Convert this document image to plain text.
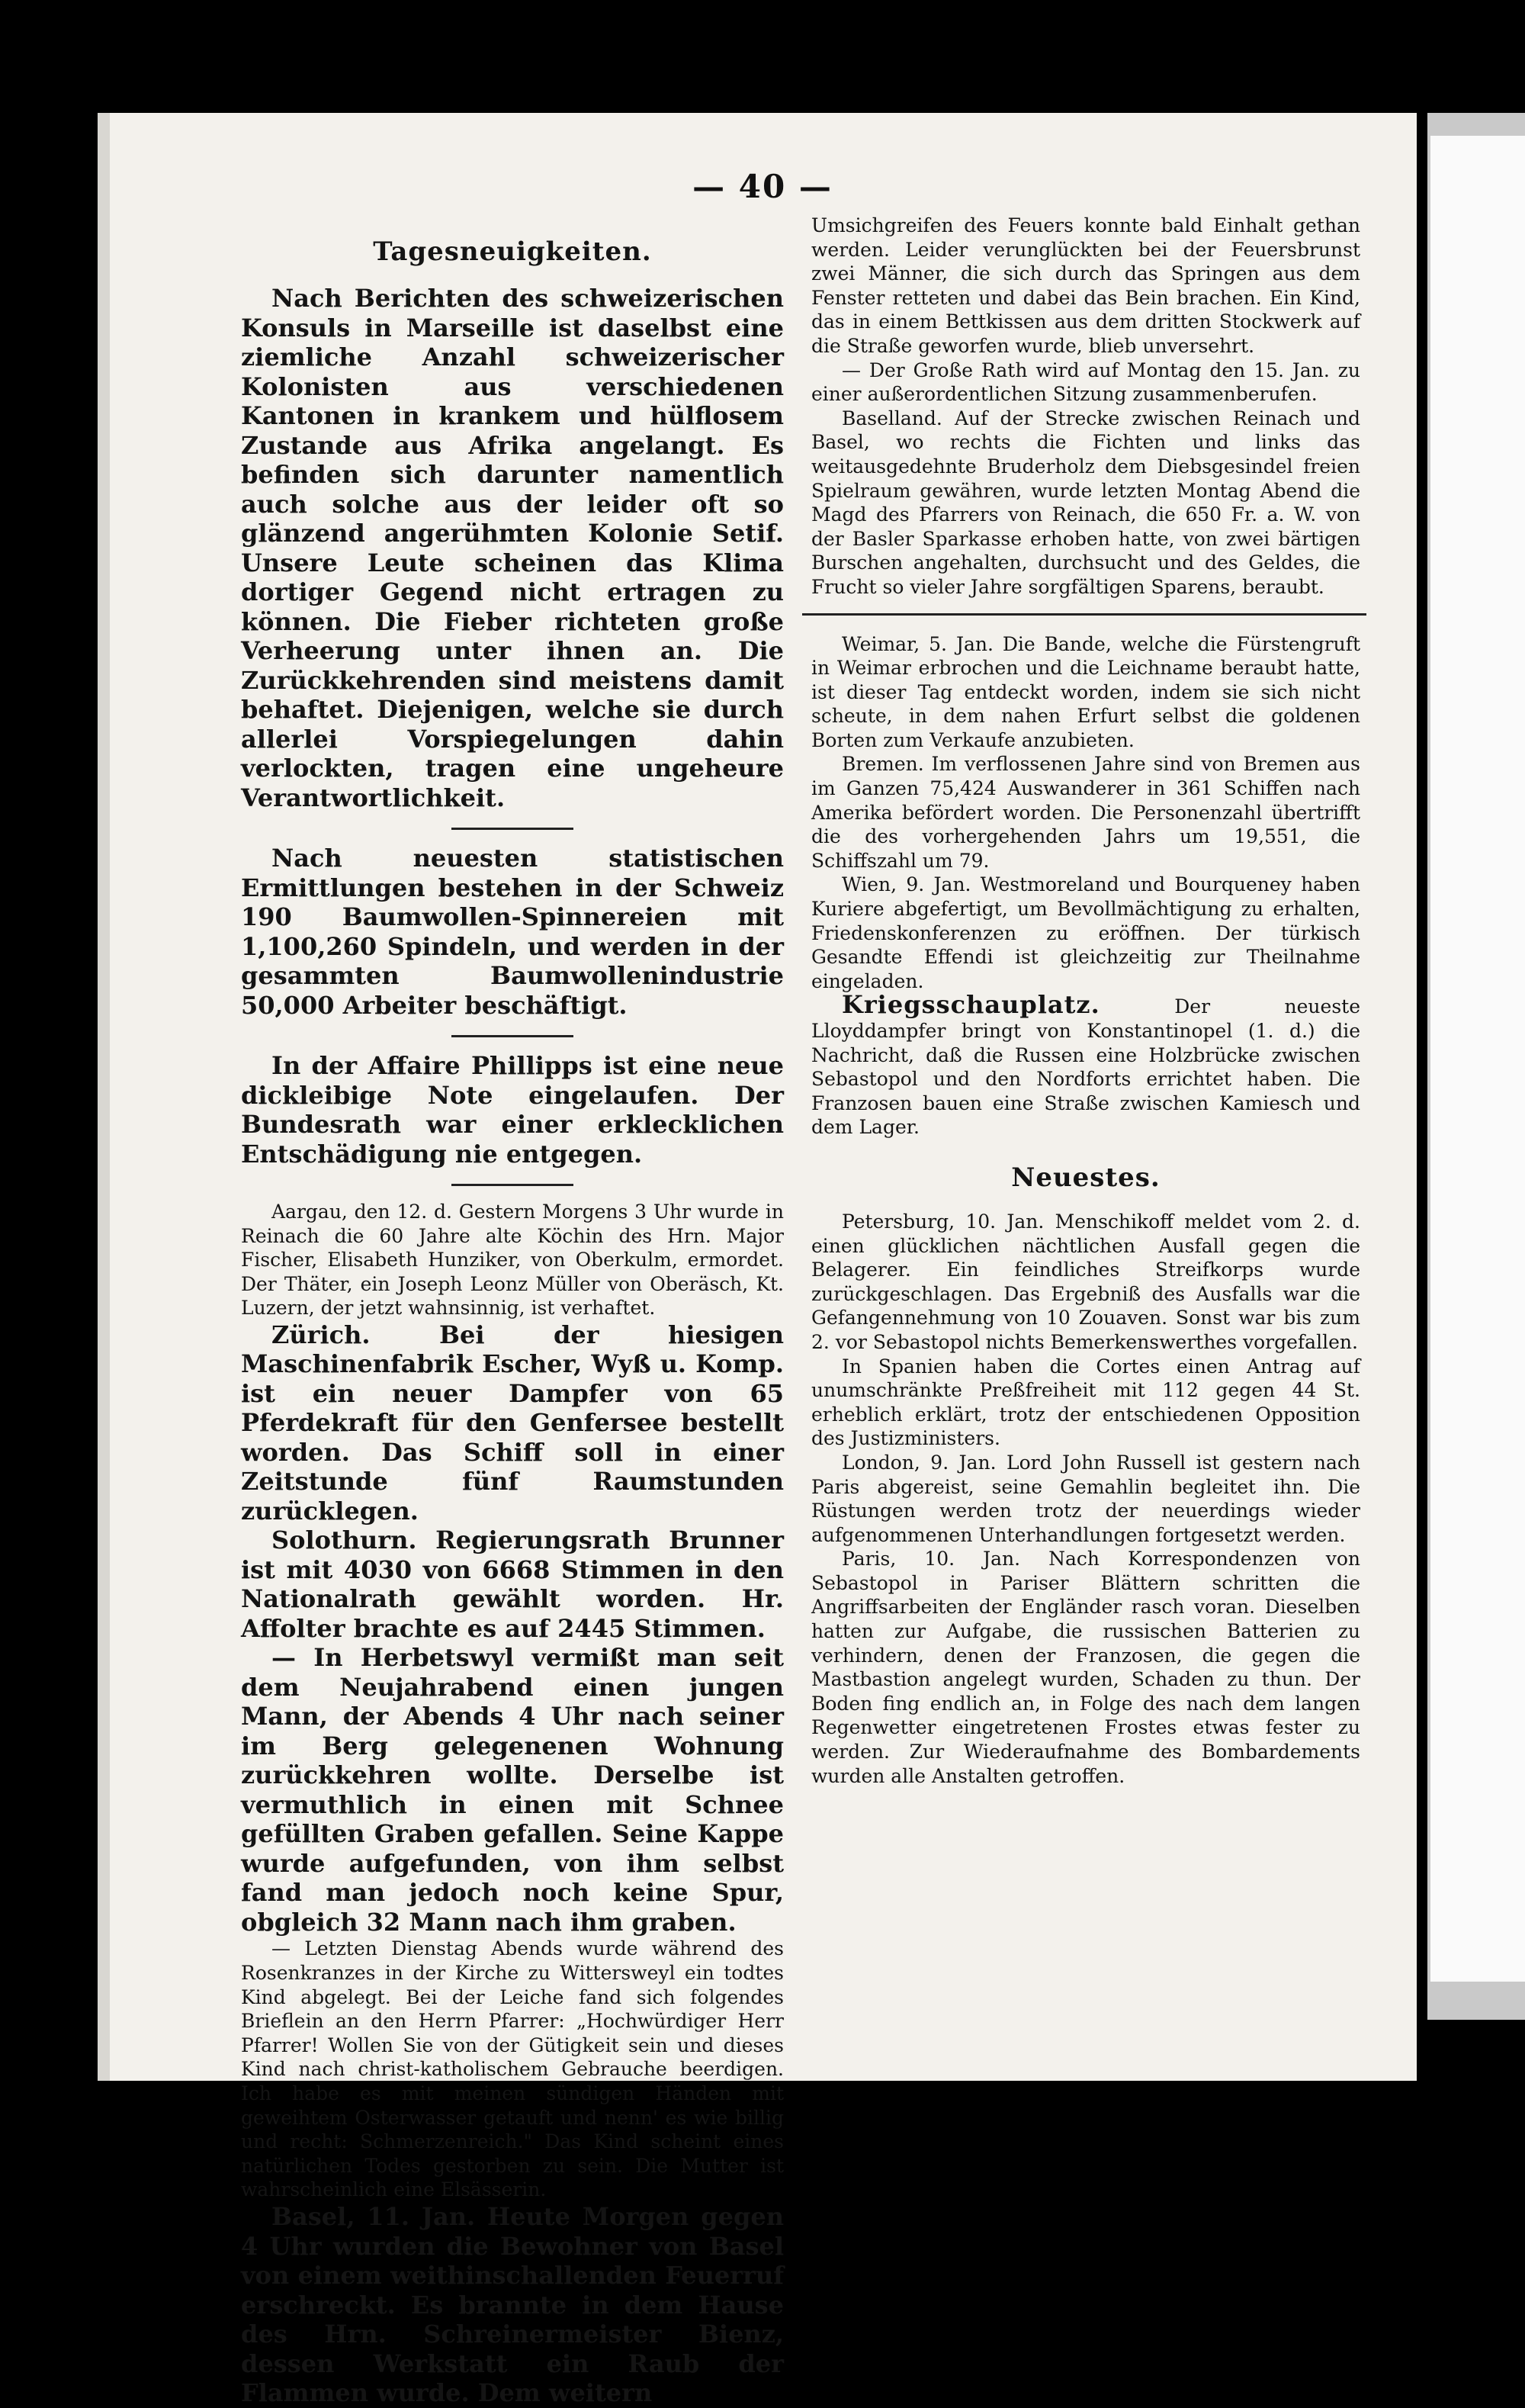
— 40 —
Tagesneuigkeiten.

Nach Berichten des schweizerischen Konsuls in Marseille ist daselbst eine ziemliche Anzahl schweizerischer Kolonisten aus verschiedenen Kantonen in krankem und hülflosem Zustande aus Afrika angelangt. Es befinden sich darunter namentlich auch solche aus der leider oft so glänzend angerühmten Kolonie Setif. Unsere Leute scheinen das Klima dortiger Gegend nicht ertragen zu können. Die Fieber richteten große Verheerung unter ihnen an. Die Zurückkehrenden sind meistens damit behaftet. Diejenigen, welche sie durch allerlei Vorspiegelungen dahin verlockten, tragen eine ungeheure Verantwortlichkeit.

Nach neuesten statistischen Ermittlungen bestehen in der Schweiz 190 Baumwollen-Spinnereien mit 1,100,260 Spindeln, und werden in der gesammten Baumwollenindustrie 50,000 Arbeiter beschäftigt.

In der Affaire Phillipps ist eine neue dickleibige Note eingelaufen. Der Bundesrath war einer erklecklichen Entschädigung nie entgegen.

Aargau, den 12. d. Gestern Morgens 3 Uhr wurde in Reinach die 60 Jahre alte Köchin des Hrn. Major Fischer, Elisabeth Hunziker, von Oberkulm, ermordet. Der Thäter, ein Joseph Leonz Müller von Oberäsch, Kt. Luzern, der jetzt wahnsinnig, ist verhaftet.

Zürich. Bei der hiesigen Maschinenfabrik Escher, Wyß u. Komp. ist ein neuer Dampfer von 65 Pferdekraft für den Genfersee bestellt worden. Das Schiff soll in einer Zeitstunde fünf Raumstunden zurücklegen.

Solothurn. Regierungsrath Brunner ist mit 4030 von 6668 Stimmen in den Nationalrath gewählt worden. Hr. Affolter brachte es auf 2445 Stimmen.

— In Herbetswyl vermißt man seit dem Neujahrabend einen jungen Mann, der Abends 4 Uhr nach seiner im Berg gelegenenen Wohnung zurückkehren wollte. Derselbe ist vermuthlich in einen mit Schnee gefüllten Graben gefallen. Seine Kappe wurde aufgefunden, von ihm selbst fand man jedoch noch keine Spur, obgleich 32 Mann nach ihm graben.

— Letzten Dienstag Abends wurde während des Rosenkranzes in der Kirche zu Wittersweyl ein todtes Kind abgelegt. Bei der Leiche fand sich folgendes Brieflein an den Herrn Pfarrer: „Hochwürdiger Herr Pfarrer! Wollen Sie von der Gütigkeit sein und dieses Kind nach christ-katholischem Gebrauche beerdigen. Ich habe es mit meinen sündigen Händen mit geweihtem Osterwasser getauft und nenn' es wie billig und recht: Schmerzenreich." Das Kind scheint eines natürlichen Todes gestorben zu sein. Die Mutter ist wahrscheinlich eine Elsässerin.

Basel, 11. Jan. Heute Morgen gegen 4 Uhr wurden die Bewohner von Basel von einem weithinschallenden Feuerruf erschreckt. Es brannte in dem Hause des Hrn. Schreinermeister Bienz, dessen Werkstatt ein Raub der Flammen wurde. Dem weitern

Umsichgreifen des Feuers konnte bald Einhalt gethan werden. Leider verunglückten bei der Feuersbrunst zwei Männer, die sich durch das Springen aus dem Fenster retteten und dabei das Bein brachen. Ein Kind, das in einem Bettkissen aus dem dritten Stockwerk auf die Straße geworfen wurde, blieb unversehrt.

— Der Große Rath wird auf Montag den 15. Jan. zu einer außerordentlichen Sitzung zusammenberufen.

Baselland. Auf der Strecke zwischen Reinach und Basel, wo rechts die Fichten und links das weitausgedehnte Bruderholz dem Diebsgesindel freien Spielraum gewähren, wurde letzten Montag Abend die Magd des Pfarrers von Reinach, die 650 Fr. a. W. von der Basler Sparkasse erhoben hatte, von zwei bärtigen Burschen angehalten, durchsucht und des Geldes, die Frucht so vieler Jahre sorgfältigen Sparens, beraubt.

Weimar, 5. Jan. Die Bande, welche die Fürstengruft in Weimar erbrochen und die Leichname beraubt hatte, ist dieser Tag entdeckt worden, indem sie sich nicht scheute, in dem nahen Erfurt selbst die goldenen Borten zum Verkaufe anzubieten.

Bremen. Im verflossenen Jahre sind von Bremen aus im Ganzen 75,424 Auswanderer in 361 Schiffen nach Amerika befördert worden. Die Personenzahl übertrifft die des vorhergehenden Jahrs um 19,551, die Schiffszahl um 79.

Wien, 9. Jan. Westmoreland und Bourqueney haben Kuriere abgefertigt, um Bevollmächtigung zu erhalten, Friedenskonferenzen zu eröffnen. Der türkisch Gesandte Effendi ist gleichzeitig zur Theilnahme eingeladen.

Kriegsschauplatz.	Der neueste Lloyddampfer bringt von Konstantinopel (1. d.) die Nachricht, daß die Russen eine Holzbrücke zwischen Sebastopol und den Nordforts errichtet haben. Die Franzosen bauen eine Straße zwischen Kamiesch und dem Lager.

Neuestes.

Petersburg, 10. Jan. Menschikoff meldet vom 2. d. einen glücklichen nächtlichen Ausfall gegen die Belagerer. Ein feindliches Streifkorps wurde zurückgeschlagen. Das Ergebniß des Ausfalls war die Gefangennehmung von 10 Zouaven. Sonst war bis zum 2. vor Sebastopol nichts Bemerkenswerthes vorgefallen.

In Spanien haben die Cortes einen Antrag auf unumschränkte Preßfreiheit mit 112 gegen 44 St. erheblich erklärt, trotz der entschiedenen Opposition des Justizministers.

London, 9. Jan. Lord John Russell ist gestern nach Paris abgereist, seine Gemahlin begleitet ihn. Die Rüstungen werden trotz der neuerdings wieder aufgenommenen Unterhandlungen fortgesetzt werden.

Paris, 10. Jan. Nach Korrespondenzen von Sebastopol in Pariser Blättern schritten die Angriffsarbeiten der Engländer rasch voran. Dieselben hatten zur Aufgabe, die russischen Batterien zu verhindern, denen der Franzosen, die gegen die Mastbastion angelegt wurden, Schaden zu thun. Der Boden fing endlich an, in Folge des nach dem langen Regenwetter eingetretenen Frostes etwas fester zu werden. Zur Wiederaufnahme des Bombardements wurden alle Anstalten getroffen.
